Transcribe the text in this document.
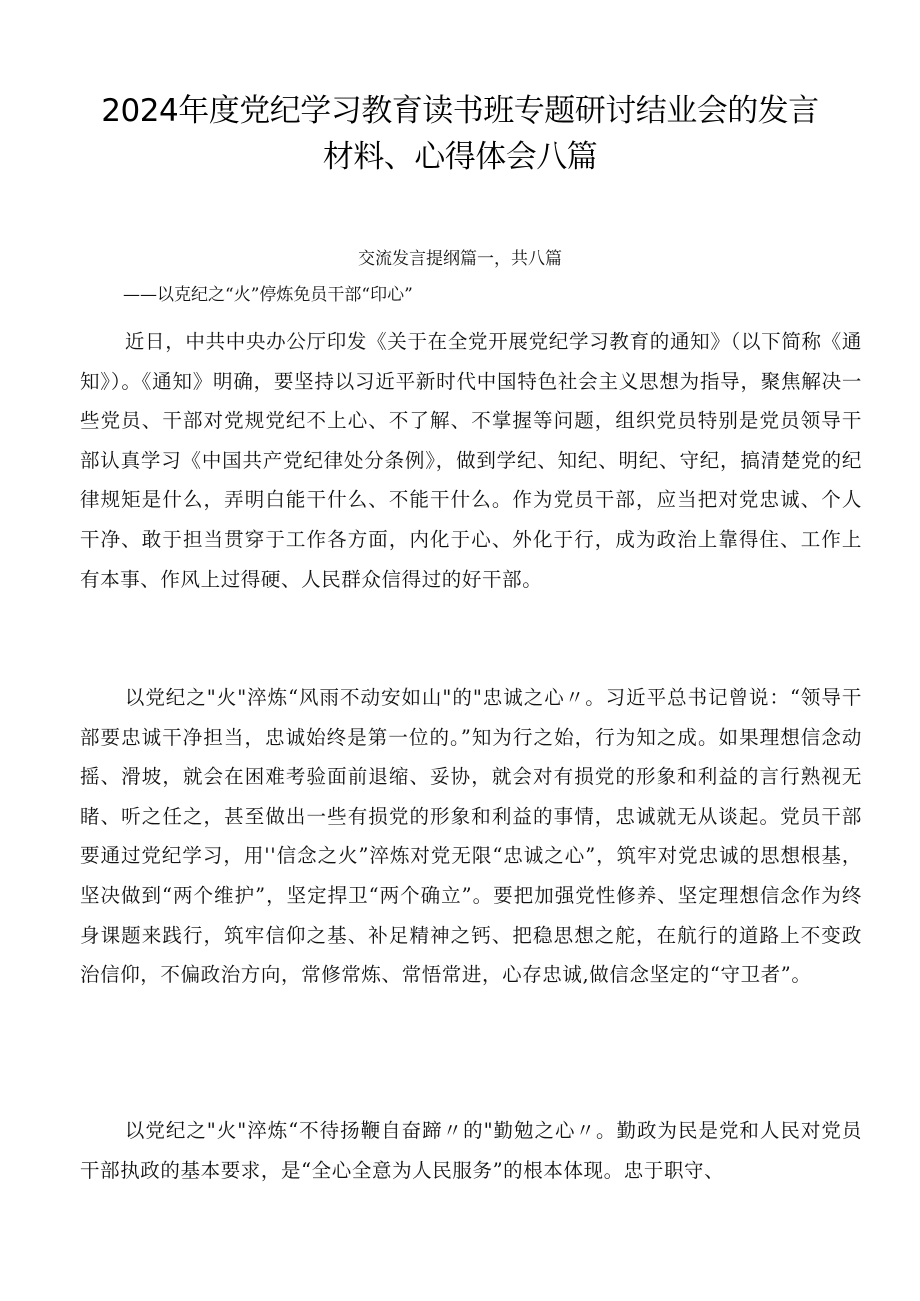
2024年度党纪学习教育读书班专题研讨结业会的发言
材料、心得体会八篇
交流发言提纲篇一，共八篇
——以克纪之“火”停炼免员干部“印心”

近日，中共中央办公厅印发《关于在全党开展党纪学习教育的通知》（以下简称《通知》）。《通知》明确，要坚持以习近平新时代中国特色社会主义思想为指导，聚焦解决一些党员、干部对党规党纪不上心、不了解、不掌握等问题，组织党员特别是党员领导干部认真学习《中国共产党纪律处分条例》，做到学纪、知纪、明纪、守纪，搞清楚党的纪律规矩是什么，弄明白能干什么、不能干什么。作为党员干部，应当把对党忠诚、个人干净、敢于担当贯穿于工作各方面，内化于心、外化于行，成为政治上靠得住、工作上有本事、作风上过得硬、人民群众信得过的好干部。

以党纪之"火"淬炼“风雨不动安如山"的"忠诚之心〃。习近平总书记曾说：“领导干部要忠诚干净担当，忠诚始终是第一位的。”知为行之始，行为知之成。如果理想信念动摇、滑坡，就会在困难考验面前退缩、妥协，就会对有损党的形象和利益的言行熟视无睹、听之任之，甚至做出一些有损党的形象和利益的事情，忠诚就无从谈起。党员干部要通过党纪学习，用''信念之火”淬炼对党无限“忠诚之心”，筑牢对党忠诚的思想根基，坚决做到“两个维护”，坚定捍卫“两个确立”。要把加强党性修养、坚定理想信念作为终身课题来践行，筑牢信仰之基、补足精神之钙、把稳思想之舵，在航行的道路上不变政治信仰，不偏政治方向，常修常炼、常悟常进，心存忠诚,做信念坚定的“守卫者”。

以党纪之"火"淬炼“不待扬鞭自奋蹄〃的"勤勉之心〃。勤政为民是党和人民对党员干部执政的基本要求，是“全心全意为人民服务”的根本体现。忠于职守、
